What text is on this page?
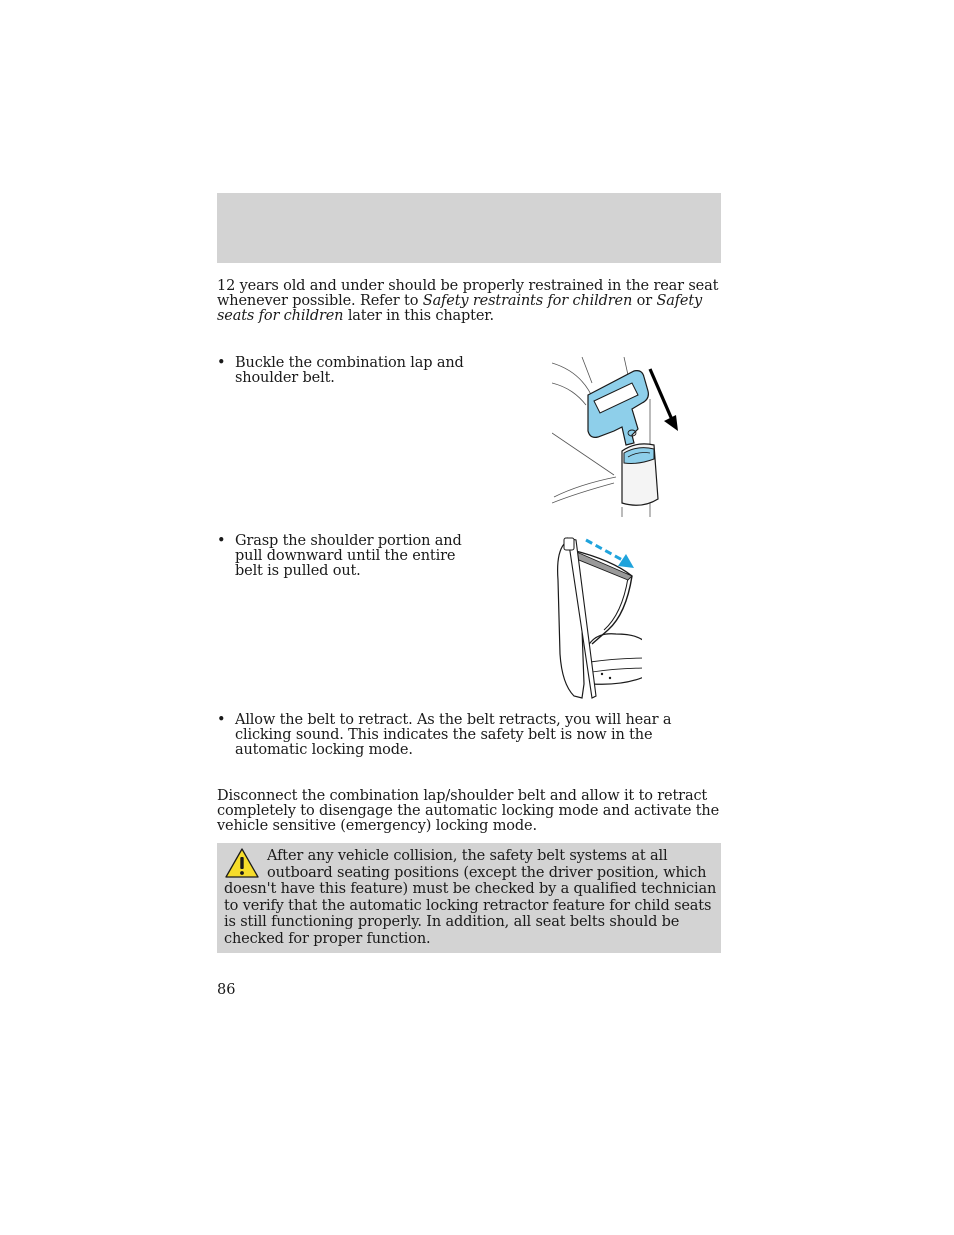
12 years old and under should be properly restrained in the rear seat whenever possible. Refer to Safety restraints for children or Safety seats for children later in this chapter.

• Buckle the combination lap and shoulder belt.
• Grasp the shoulder portion and pull downward until the entire belt is pulled out.
• Allow the belt to retract. As the belt retracts, you will hear a clicking sound. This indicates the safety belt is now in the automatic locking mode.

Disconnect the combination lap/shoulder belt and allow it to retract completely to disengage the automatic locking mode and activate the vehicle sensitive (emergency) locking mode.

After any vehicle collision, the safety belt systems at all outboard seating positions (except the driver position, which doesn't have this feature) must be checked by a qualified technician to verify that the automatic locking retractor feature for child seats is still functioning properly. In addition, all seat belts should be checked for proper function.
86
